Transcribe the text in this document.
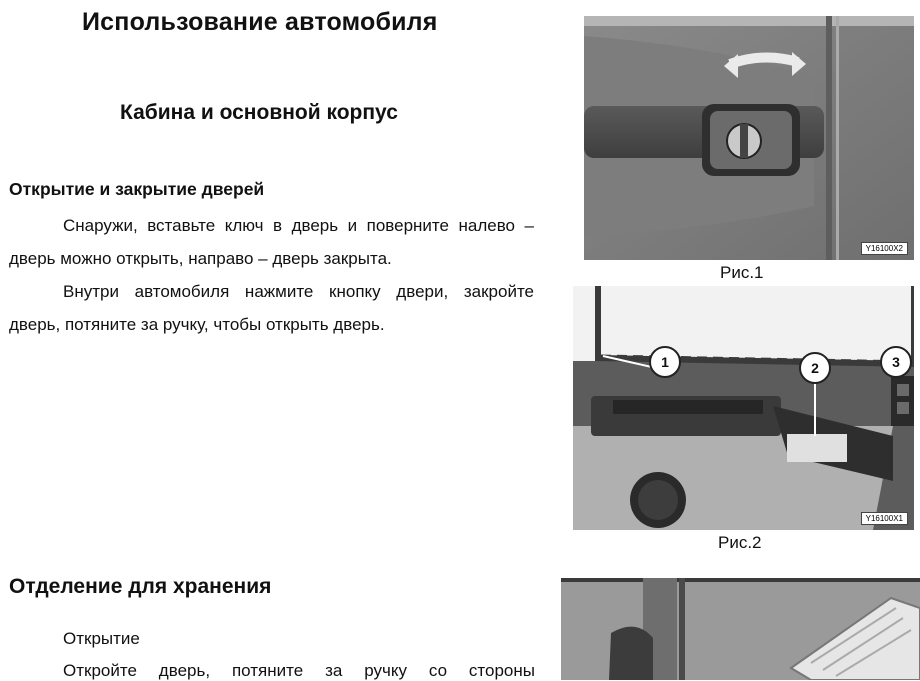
Использование автомобиля
Кабина и основной корпус
Открытие и закрытие дверей
Снаружи, вставьте ключ в дверь и поверните налево – дверь можно открыть, направо – дверь закрыта.
Внутри автомобиля нажмите кнопку двери, закройте дверь, потяните за ручку, чтобы открыть дверь.
Отделение для хранения
Открытие
Откройте дверь, потяните за ручку со стороны
Y16100X2
Рис.1
1	2	3
Y16100X1
Рис.2
